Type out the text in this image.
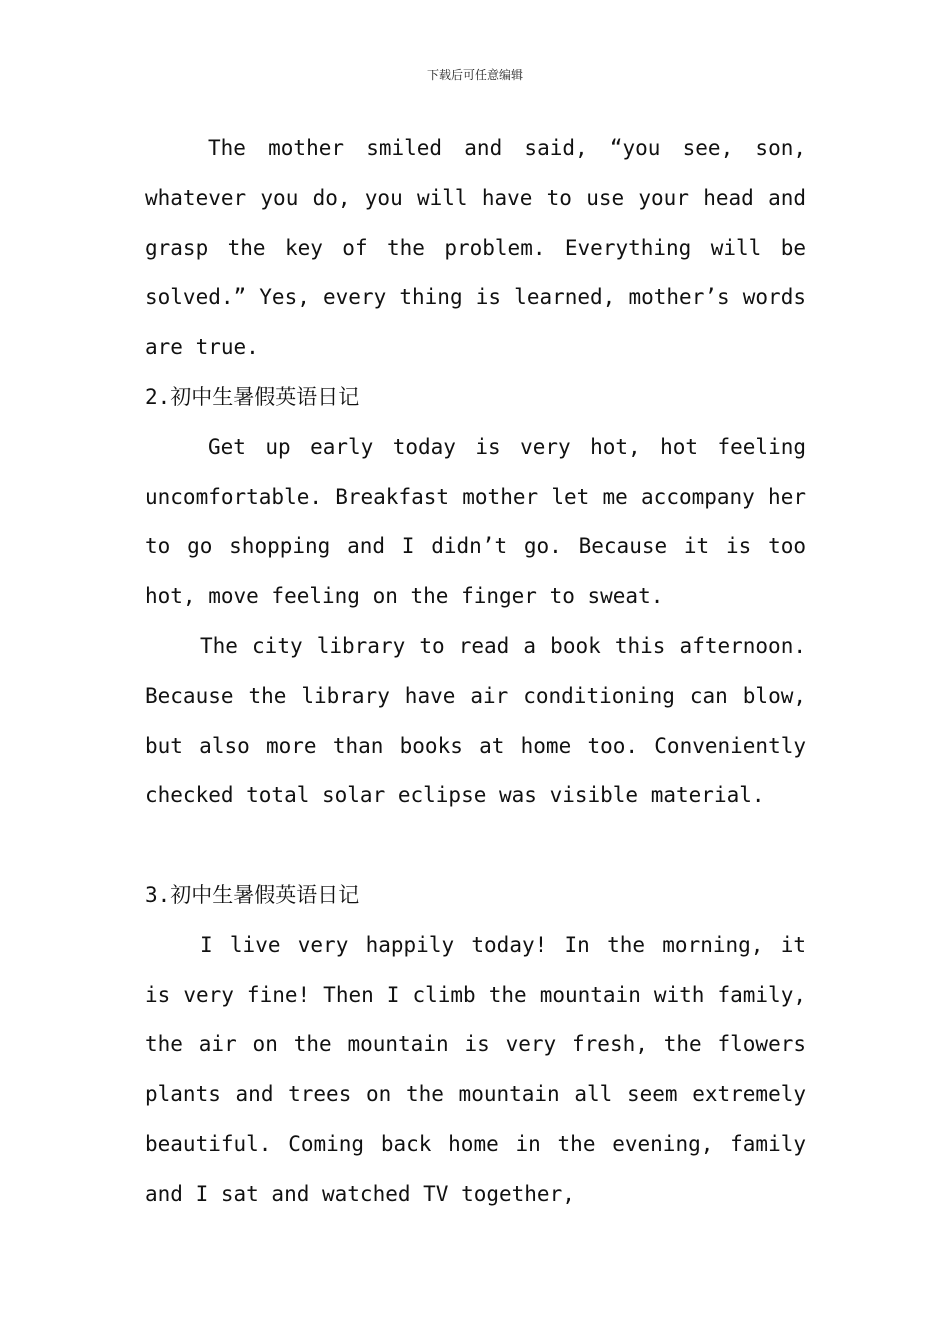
下载后可任意编辑

The mother smiled and said, “you see, son, whatever you do, you will have to use your head and grasp the key of the problem. Everything will be solved.” Yes, every thing is learned, mother’s words are true.

2.初中生暑假英语日记

Get up early today is very hot, hot feeling uncomfortable. Breakfast mother let me accompany her to go shopping and I didn’t go. Because it is too hot, move feeling on the finger to sweat.

The city library to read a book this afternoon. Because the library have air conditioning can blow, but also more than books at home too. Conveniently checked total solar eclipse was visible material.

3.初中生暑假英语日记

I live very happily today! In the morning, it is very fine! Then I climb the mountain with family, the air on the mountain is very fresh, the flowers plants and trees on the mountain all seem extremely beautiful. Coming back home in the evening, family and I sat and watched TV together,
